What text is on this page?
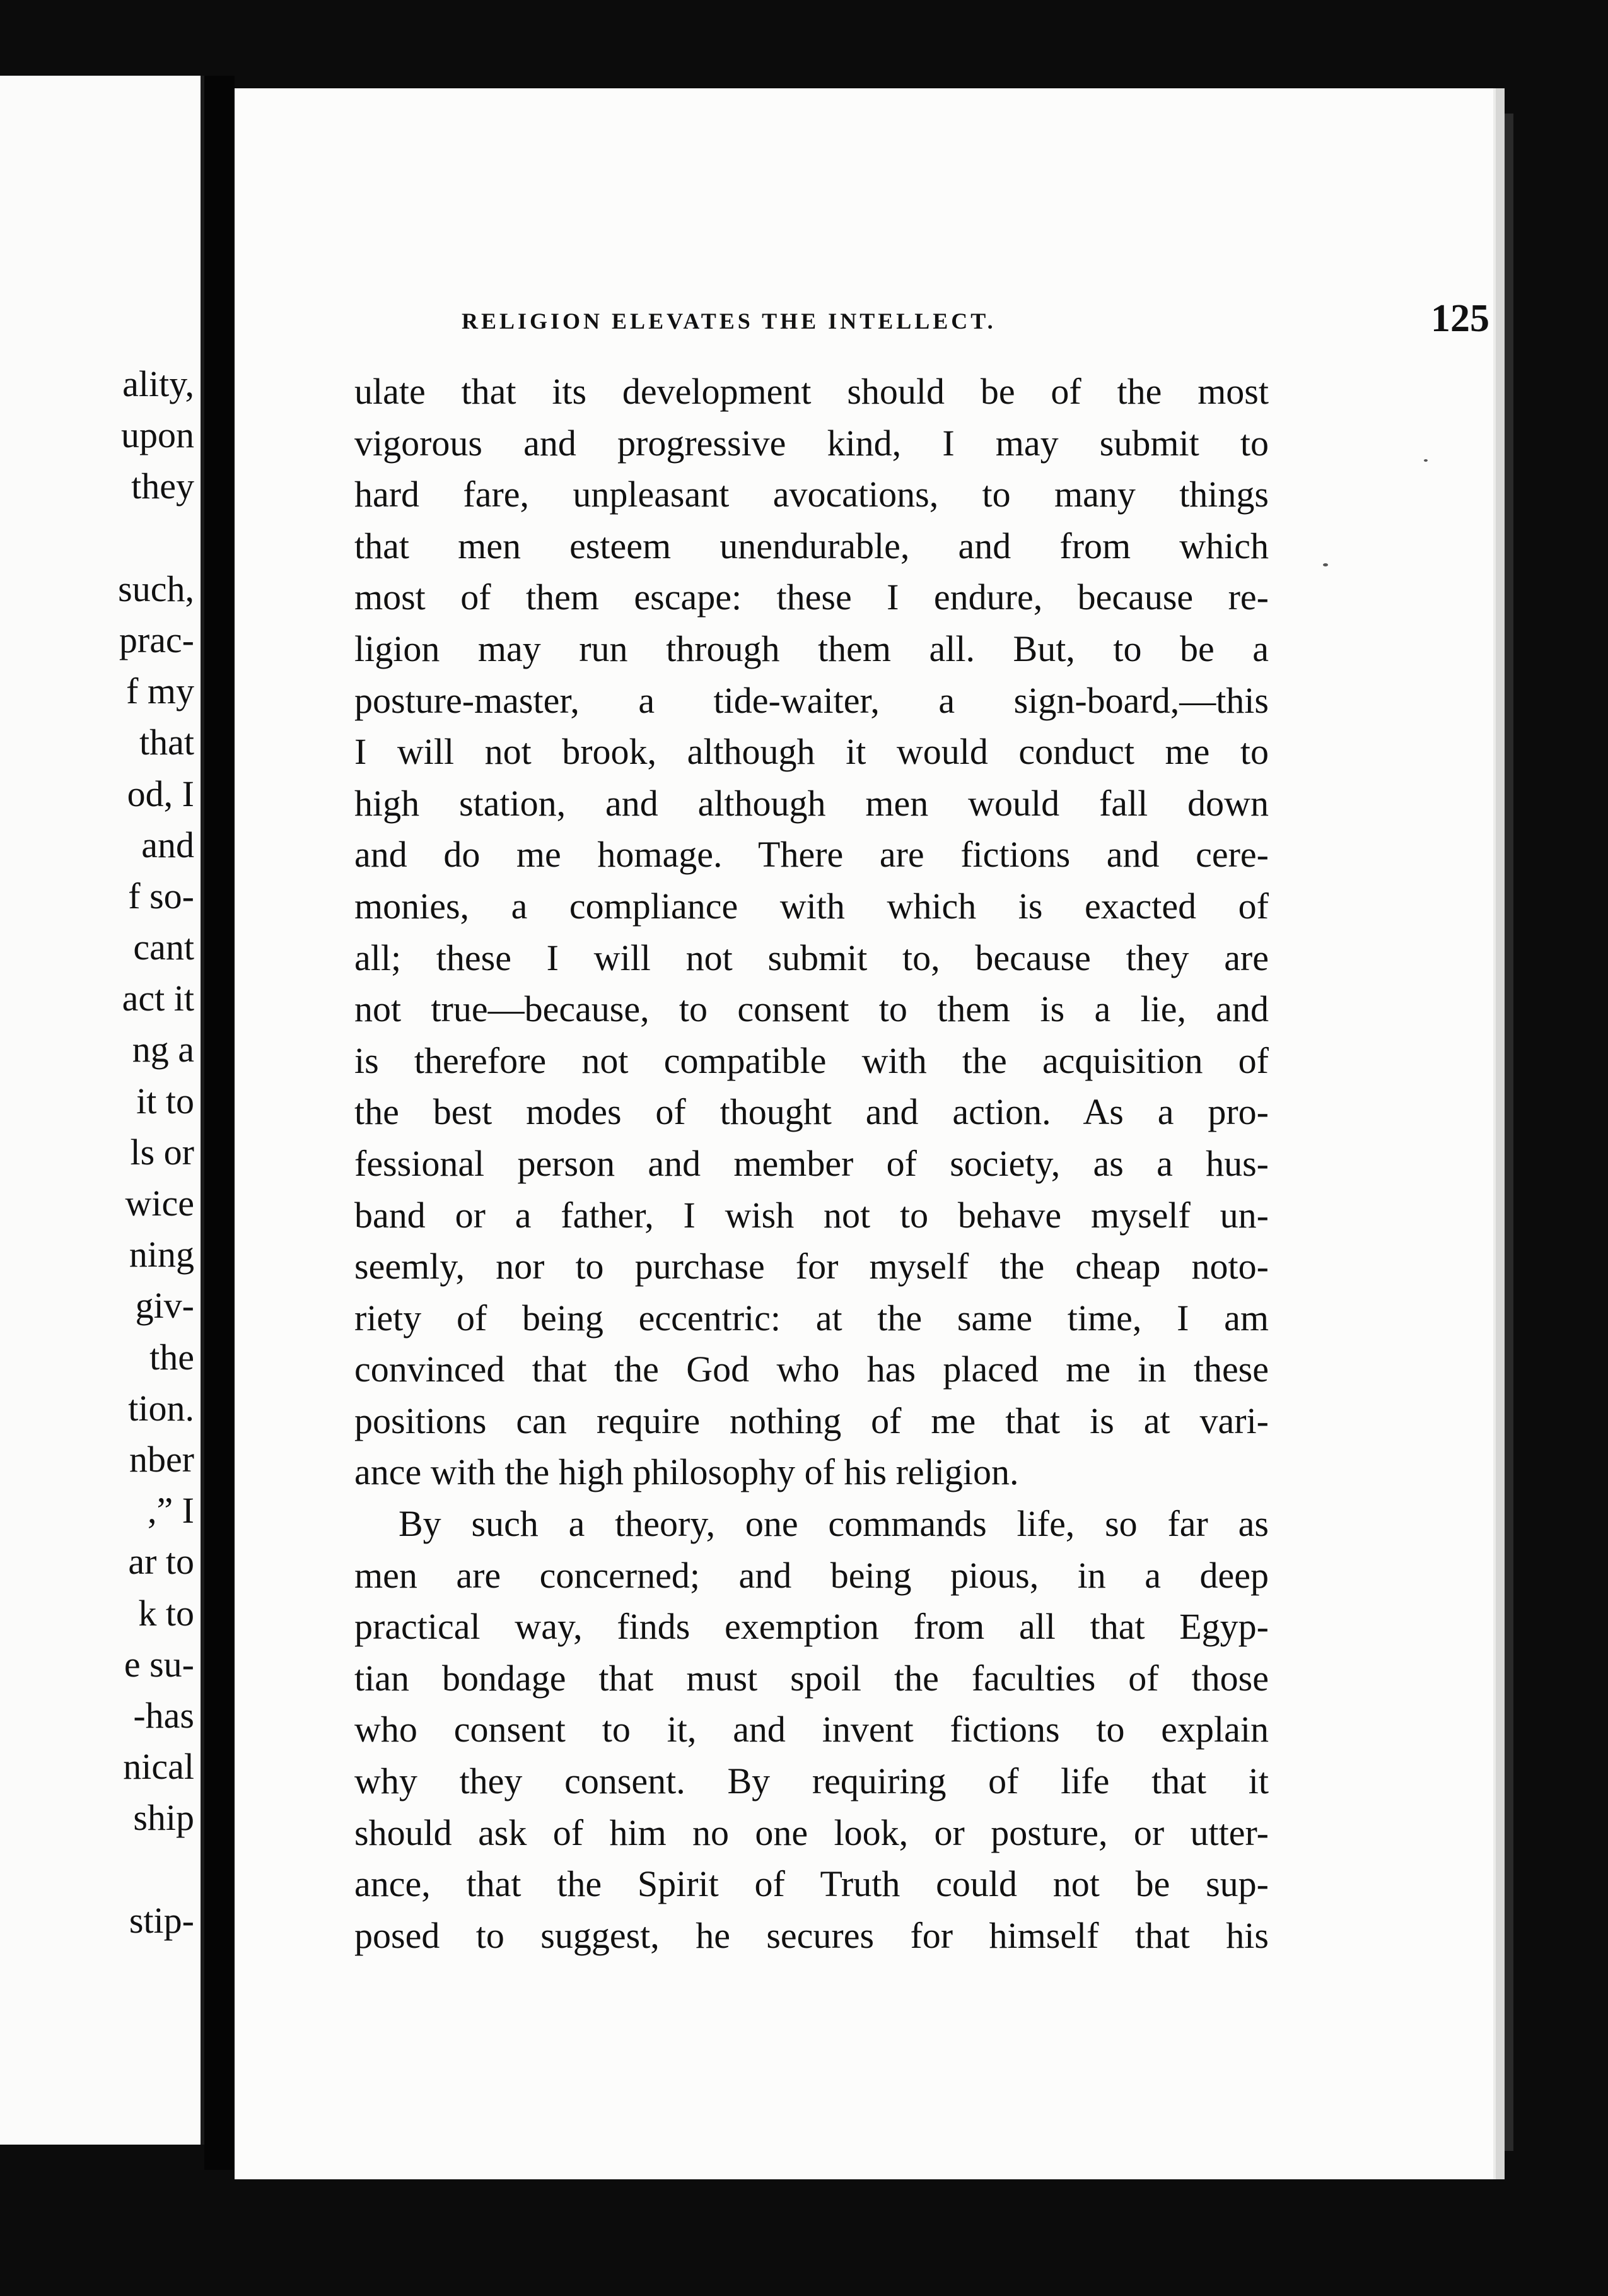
ality,
upon
they
such,
prac-
f my
that
od, I
and
f so-
cant
act it
ng a
it to
ls or
wice
ning
giv-
the
tion.
nber
,” I
ar to
k to
e su-
-has
nical
ship
stip-
RELIGION ELEVATES THE INTELLECT.	125
ulate that its development should be of the most
vigorous and progressive kind, I may submit to
hard fare, unpleasant avocations, to many things
that men esteem unendurable, and from which
most of them escape: these I endure, because re-
ligion may run through them all. But, to be a
posture-master, a tide-waiter, a sign-board,—this
I will not brook, although it would conduct me to
high station, and although men would fall down
and do me homage. There are fictions and cere-
monies, a compliance with which is exacted of
all; these I will not submit to, because they are
not true—because, to consent to them is a lie, and
is therefore not compatible with the acquisition of
the best modes of thought and action. As a pro-
fessional person and member of society, as a hus-
band or a father, I wish not to behave myself un-
seemly, nor to purchase for myself the cheap noto-
riety of being eccentric: at the same time, I am
convinced that the God who has placed me in these
positions can require nothing of me that is at vari-
ance with the high philosophy of his religion.
By such a theory, one commands life, so far as
men are concerned; and being pious, in a deep
practical way, finds exemption from all that Egyp-
tian bondage that must spoil the faculties of those
who consent to it, and invent fictions to explain
why they consent. By requiring of life that it
should ask of him no one look, or posture, or utter-
ance, that the Spirit of Truth could not be sup-
posed to suggest, he secures for himself that his
